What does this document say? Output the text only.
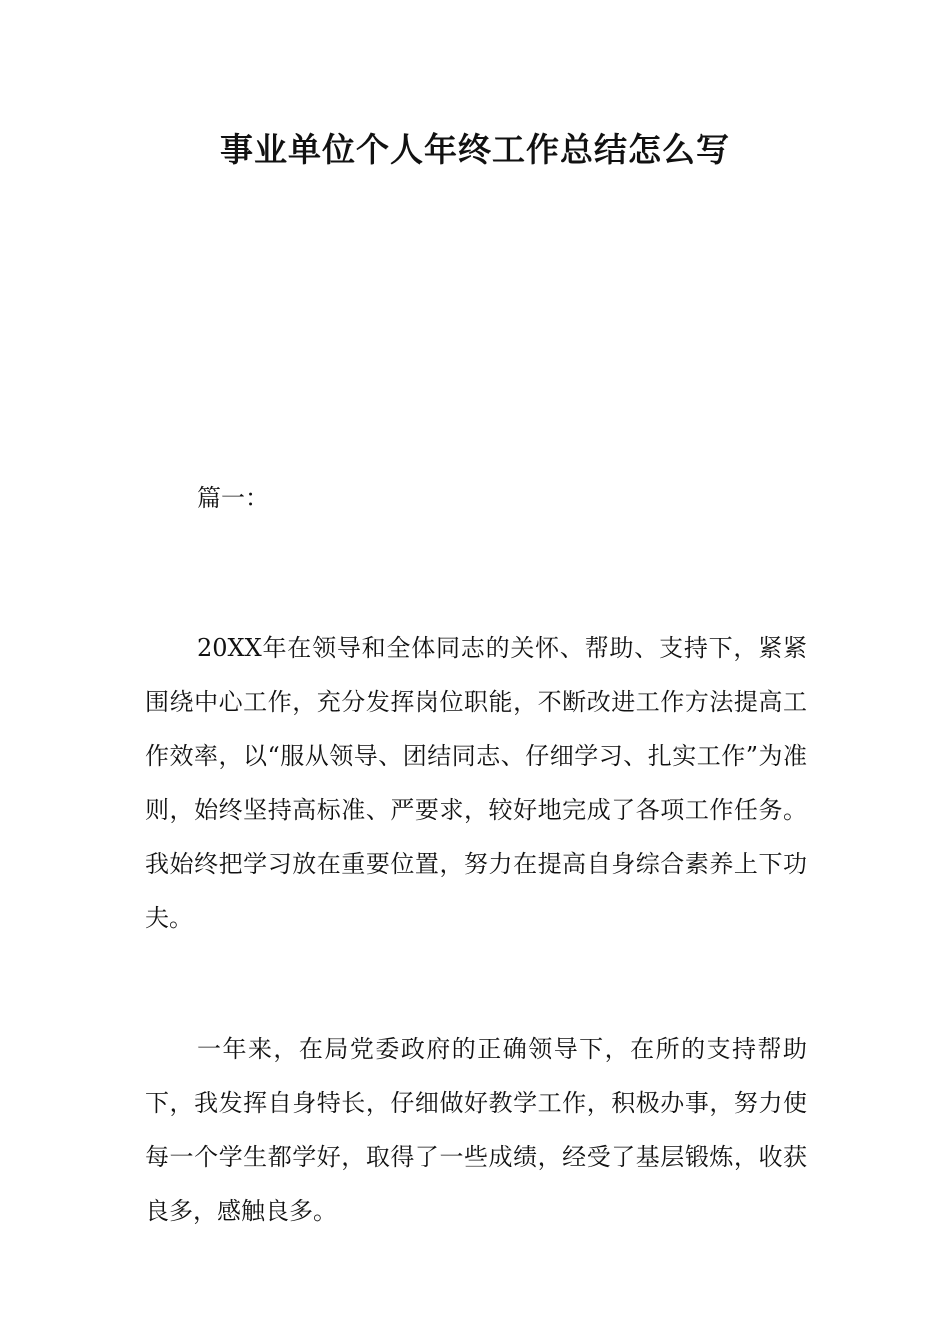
事业单位个人年终工作总结怎么写

篇一：

20XX年在领导和全体同志的关怀、帮助、支持下，紧紧围绕中心工作，充分发挥岗位职能，不断改进工作方法提高工作效率，以“服从领导、团结同志、仔细学习、扎实工作”为准则，始终坚持高标准、严要求，较好地完成了各项工作任务。我始终把学习放在重要位置，努力在提高自身综合素养上下功夫。

一年来，在局党委政府的正确领导下，在所的支持帮助下，我发挥自身特长，仔细做好教学工作，积极办事，努力使每一个学生都学好，取得了一些成绩，经受了基层锻炼，收获良多，感触良多。
